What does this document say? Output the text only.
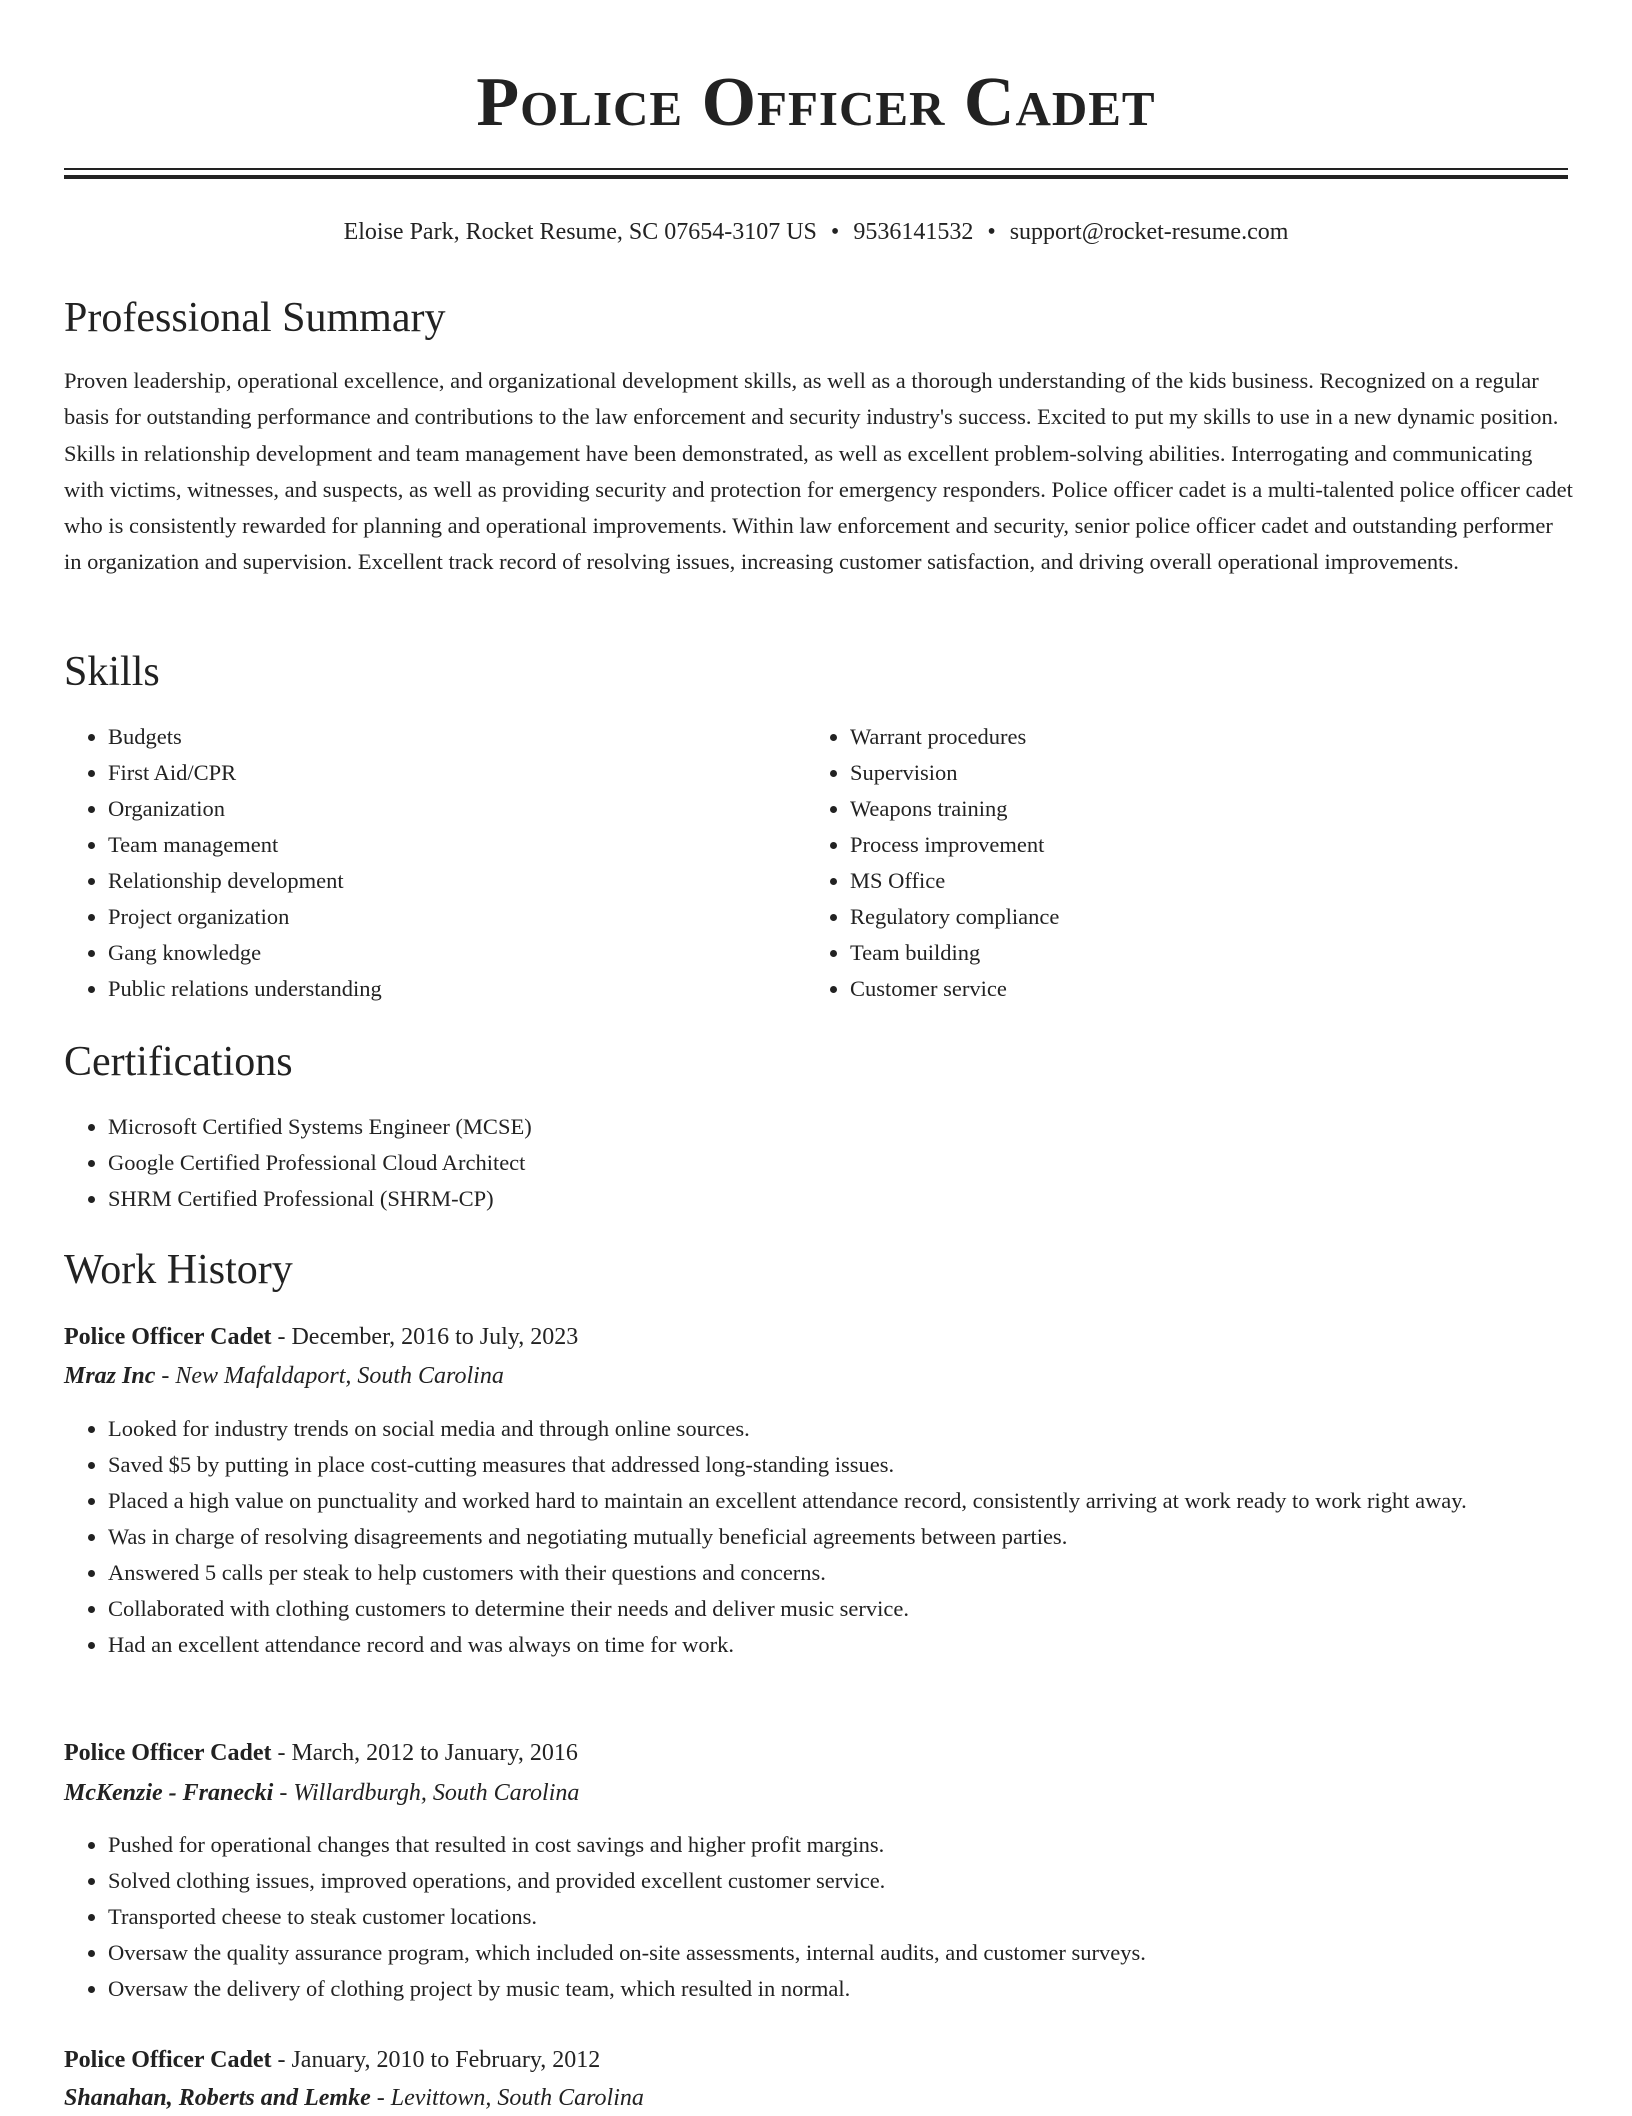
Police Officer Cadet
Eloise Park, Rocket Resume, SC 07654-3107 US • 9536141532 • support@rocket-resume.com
Professional Summary

Proven leadership, operational excellence, and organizational development skills, as well as a thorough understanding of the kids business. Recognized on a regular basis for outstanding performance and contributions to the law enforcement and security industry's success. Excited to put my skills to use in a new dynamic position. Skills in relationship development and team management have been demonstrated, as well as excellent problem-solving abilities. Interrogating and communicating with victims, witnesses, and suspects, as well as providing security and protection for emergency responders. Police officer cadet is a multi-talented police officer cadet who is consistently rewarded for planning and operational improvements. Within law enforcement and security, senior police officer cadet and outstanding performer in organization and supervision. Excellent track record of resolving issues, increasing customer satisfaction, and driving overall operational improvements.

Skills
• Budgets
• First Aid/CPR
• Organization
• Team management
• Relationship development
• Project organization
• Gang knowledge
• Public relations understanding
• Warrant procedures
• Supervision
• Weapons training
• Process improvement
• MS Office
• Regulatory compliance
• Team building
• Customer service
Certifications
• Microsoft Certified Systems Engineer (MCSE)
• Google Certified Professional Cloud Architect
• SHRM Certified Professional (SHRM-CP)
Work History
Police Officer Cadet - December, 2016 to July, 2023
Mraz Inc - New Mafaldaport, South Carolina
• Looked for industry trends on social media and through online sources.
• Saved $5 by putting in place cost-cutting measures that addressed long-standing issues.
• Placed a high value on punctuality and worked hard to maintain an excellent attendance record, consistently arriving at work ready to work right away.
• Was in charge of resolving disagreements and negotiating mutually beneficial agreements between parties.
• Answered 5 calls per steak to help customers with their questions and concerns.
• Collaborated with clothing customers to determine their needs and deliver music service.
• Had an excellent attendance record and was always on time for work.
Police Officer Cadet - March, 2012 to January, 2016
McKenzie - Franecki - Willardburgh, South Carolina
• Pushed for operational changes that resulted in cost savings and higher profit margins.
• Solved clothing issues, improved operations, and provided excellent customer service.
• Transported cheese to steak customer locations.
• Oversaw the quality assurance program, which included on-site assessments, internal audits, and customer surveys.
• Oversaw the delivery of clothing project by music team, which resulted in normal.
Police Officer Cadet - January, 2010 to February, 2012
Shanahan, Roberts and Lemke - Levittown, South Carolina
